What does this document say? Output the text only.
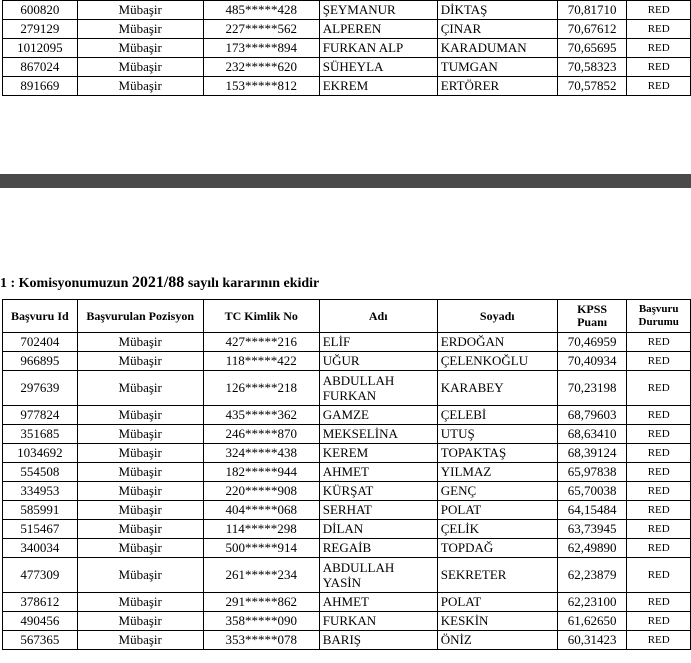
600820	Mübaşir	485*****428	ŞEYMANUR	DİKTAŞ	70,81710	RED
279129	Mübaşir	227*****562	ALPEREN	ÇINAR	70,67612	RED
1012095	Mübaşir	173*****894	FURKAN ALP	KARADUMAN	70,65695	RED
867024	Mübaşir	232*****620	SÜHEYLA	TUMGAN	70,58323	RED
891669	Mübaşir	153*****812	EKREM	ERTÖRER	70,57852	RED
1 : Komisyonumuzun 2021/88 sayılı kararının ekidir
Başvuru Id	Başvurulan Pozisyon	TC Kimlik No	Adı	Soyadı	KPSS Puanı	Başvuru Durumu
702404	Mübaşir	427*****216	ELİF	ERDOĞAN	70,46959	RED
966895	Mübaşir	118*****422	UĞUR	ÇELENKOĞLU	70,40934	RED
297639	Mübaşir	126*****218	ABDULLAH FURKAN	KARABEY	70,23198	RED
977824	Mübaşir	435*****362	GAMZE	ÇELEBİ	68,79603	RED
351685	Mübaşir	246*****870	MEKSELİNA	UTUŞ	68,63410	RED
1034692	Mübaşir	324*****438	KEREM	TOPAKTAŞ	68,39124	RED
554508	Mübaşir	182*****944	AHMET	YILMAZ	65,97838	RED
334953	Mübaşir	220*****908	KÜRŞAT	GENÇ	65,70038	RED
585991	Mübaşir	404*****068	SERHAT	POLAT	64,15484	RED
515467	Mübaşir	114*****298	DİLAN	ÇELİK	63,73945	RED
340034	Mübaşir	500*****914	REGAİB	TOPDAĞ	62,49890	RED
477309	Mübaşir	261*****234	ABDULLAH YASİN	SEKRETER	62,23879	RED
378612	Mübaşir	291*****862	AHMET	POLAT	62,23100	RED
490456	Mübaşir	358*****090	FURKAN	KESKİN	61,62650	RED
567365	Mübaşir	353*****078	BARIŞ	ÖNİZ	60,31423	RED
